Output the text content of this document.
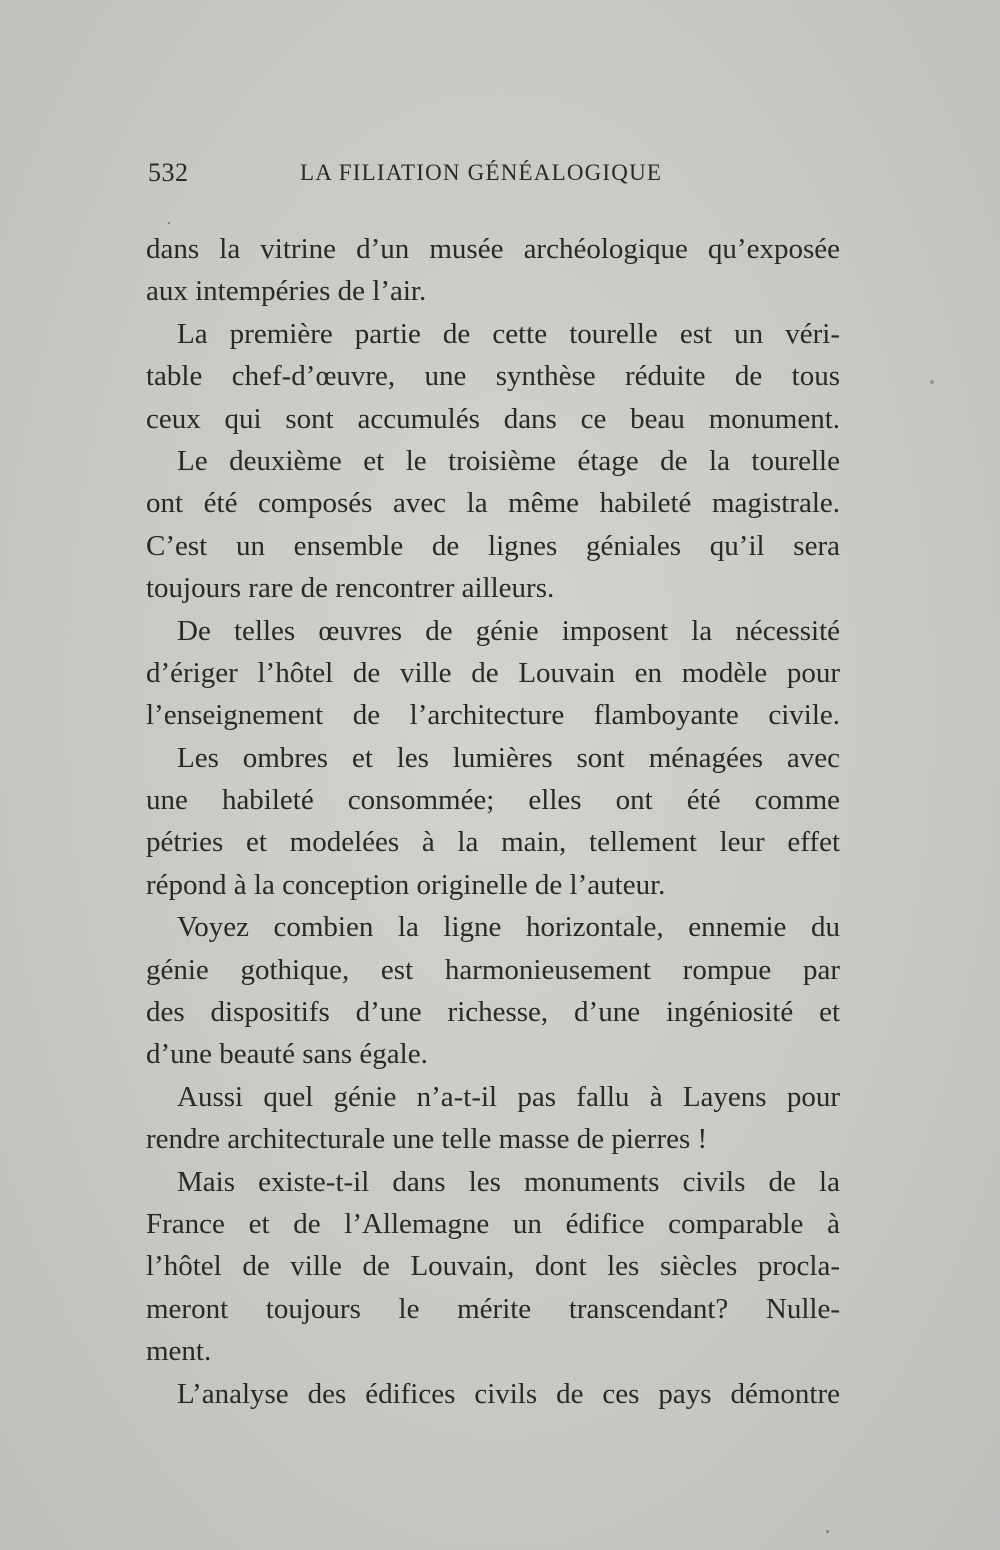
532	LA FILIATION GÉNÉALOGIQUE
dans la vitrine d’un musée archéologique qu’exposée
aux intempéries de l’air.
La première partie de cette tourelle est un véri-
table chef-d’œuvre, une synthèse réduite de tous
ceux qui sont accumulés dans ce beau monument.
Le deuxième et le troisième étage de la tourelle
ont été composés avec la même habileté magistrale.
C’est un ensemble de lignes géniales qu’il sera
toujours rare de rencontrer ailleurs.
De telles œuvres de génie imposent la nécessité
d’ériger l’hôtel de ville de Louvain en modèle pour
l’enseignement de l’architecture flamboyante civile.
Les ombres et les lumières sont ménagées avec
une habileté consommée; elles ont été comme
pétries et modelées à la main, tellement leur effet
répond à la conception originelle de l’auteur.
Voyez combien la ligne horizontale, ennemie du
génie gothique, est harmonieusement rompue par
des dispositifs d’une richesse, d’une ingéniosité et
d’une beauté sans égale.
Aussi quel génie n’a-t-il pas fallu à Layens pour
rendre architecturale une telle masse de pierres !
Mais existe-t-il dans les monuments civils de la
France et de l’Allemagne un édifice comparable à
l’hôtel de ville de Louvain, dont les siècles procla-
meront toujours le mérite transcendant? Nulle-
ment.
L’analyse des édifices civils de ces pays démontre
